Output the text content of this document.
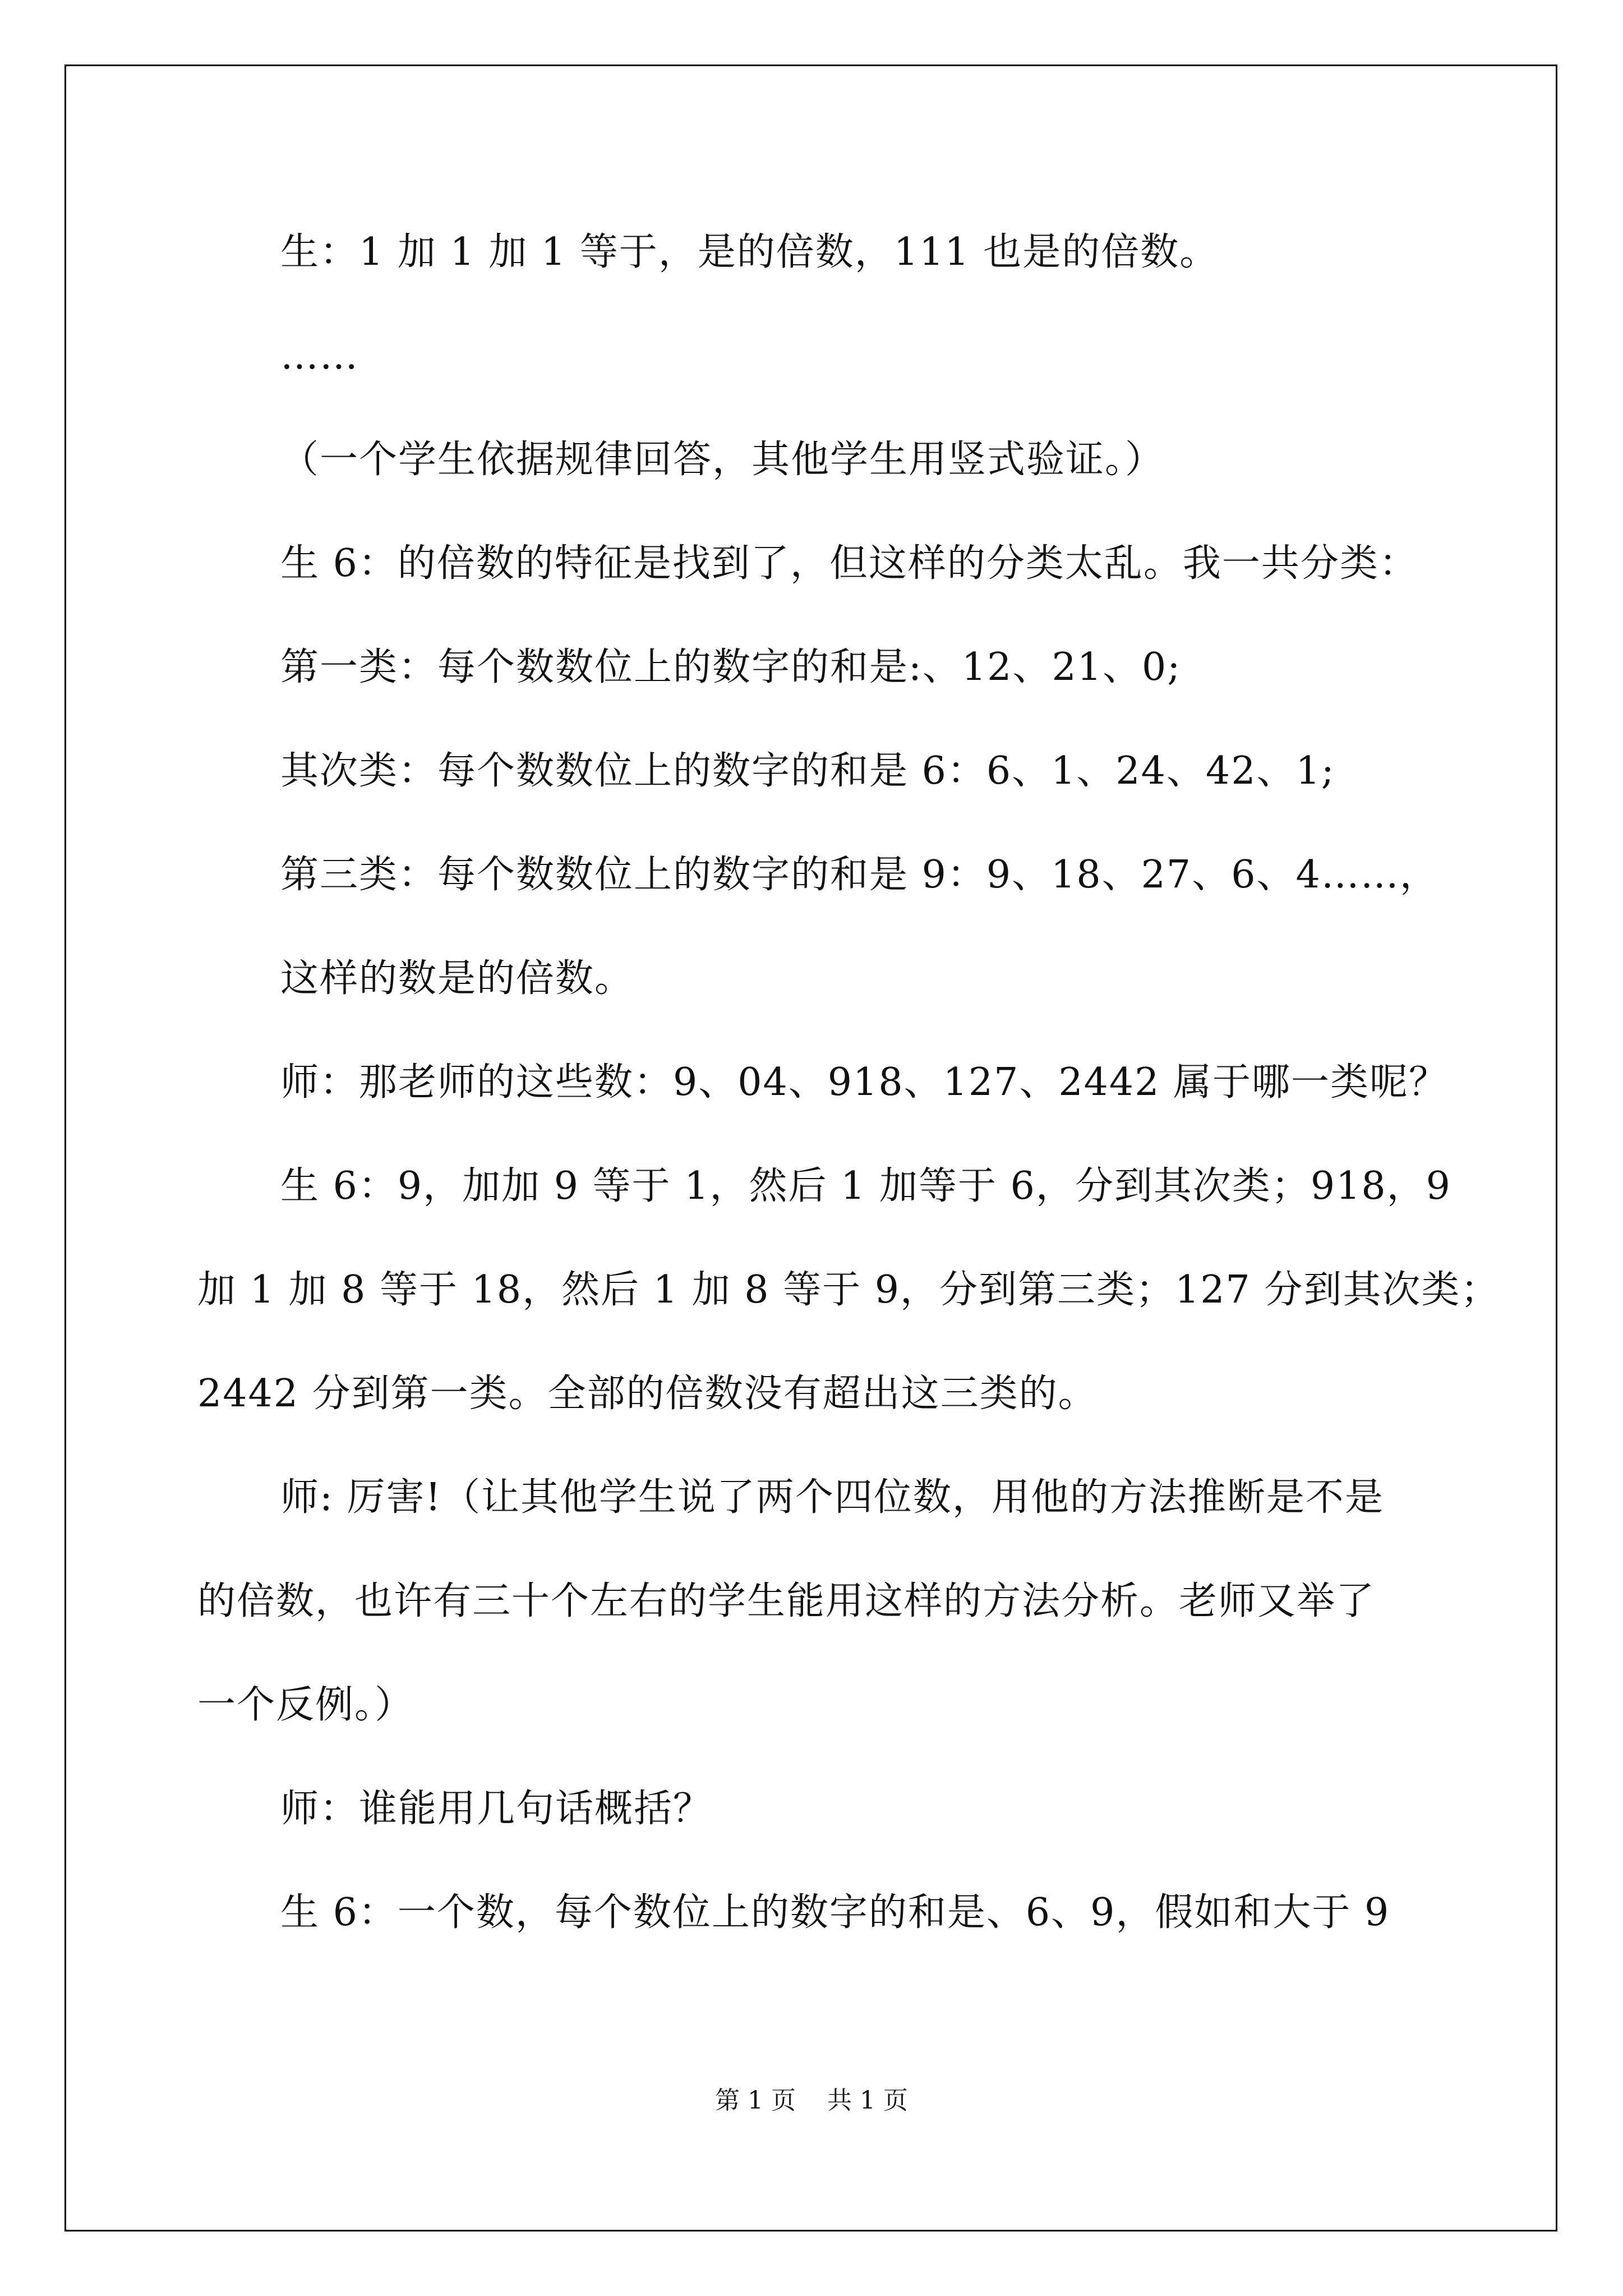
生：1 加 1 加 1 等于，是的倍数，111 也是的倍数。
……
（一个学生依据规律回答，其他学生用竖式验证。）
生 6：的倍数的特征是找到了，但这样的分类太乱。我一共分类：
第一类：每个数数位上的数字的和是:、12、21、0;
其次类：每个数数位上的数字的和是 6：6、1、24、42、1;
第三类：每个数数位上的数字的和是 9：9、18、27、6、4……，
这样的数是的倍数。
师：那老师的这些数：9、04、918、127、2442 属于哪一类呢？
生 6：9，加加 9 等于 1，然后 1 加等于 6，分到其次类；918，9
加 1 加 8 等于 18，然后 1 加 8 等于 9，分到第三类；127 分到其次类；
2442 分到第一类。全部的倍数没有超出这三类的。
师: 厉害!（让其他学生说了两个四位数，用他的方法推断是不是
的倍数，也许有三十个左右的学生能用这样的方法分析。老师又举了
一个反例。）
师：谁能用几句话概括？
生 6：一个数，每个数位上的数字的和是、6、9，假如和大于 9
第 1 页    共 1 页
